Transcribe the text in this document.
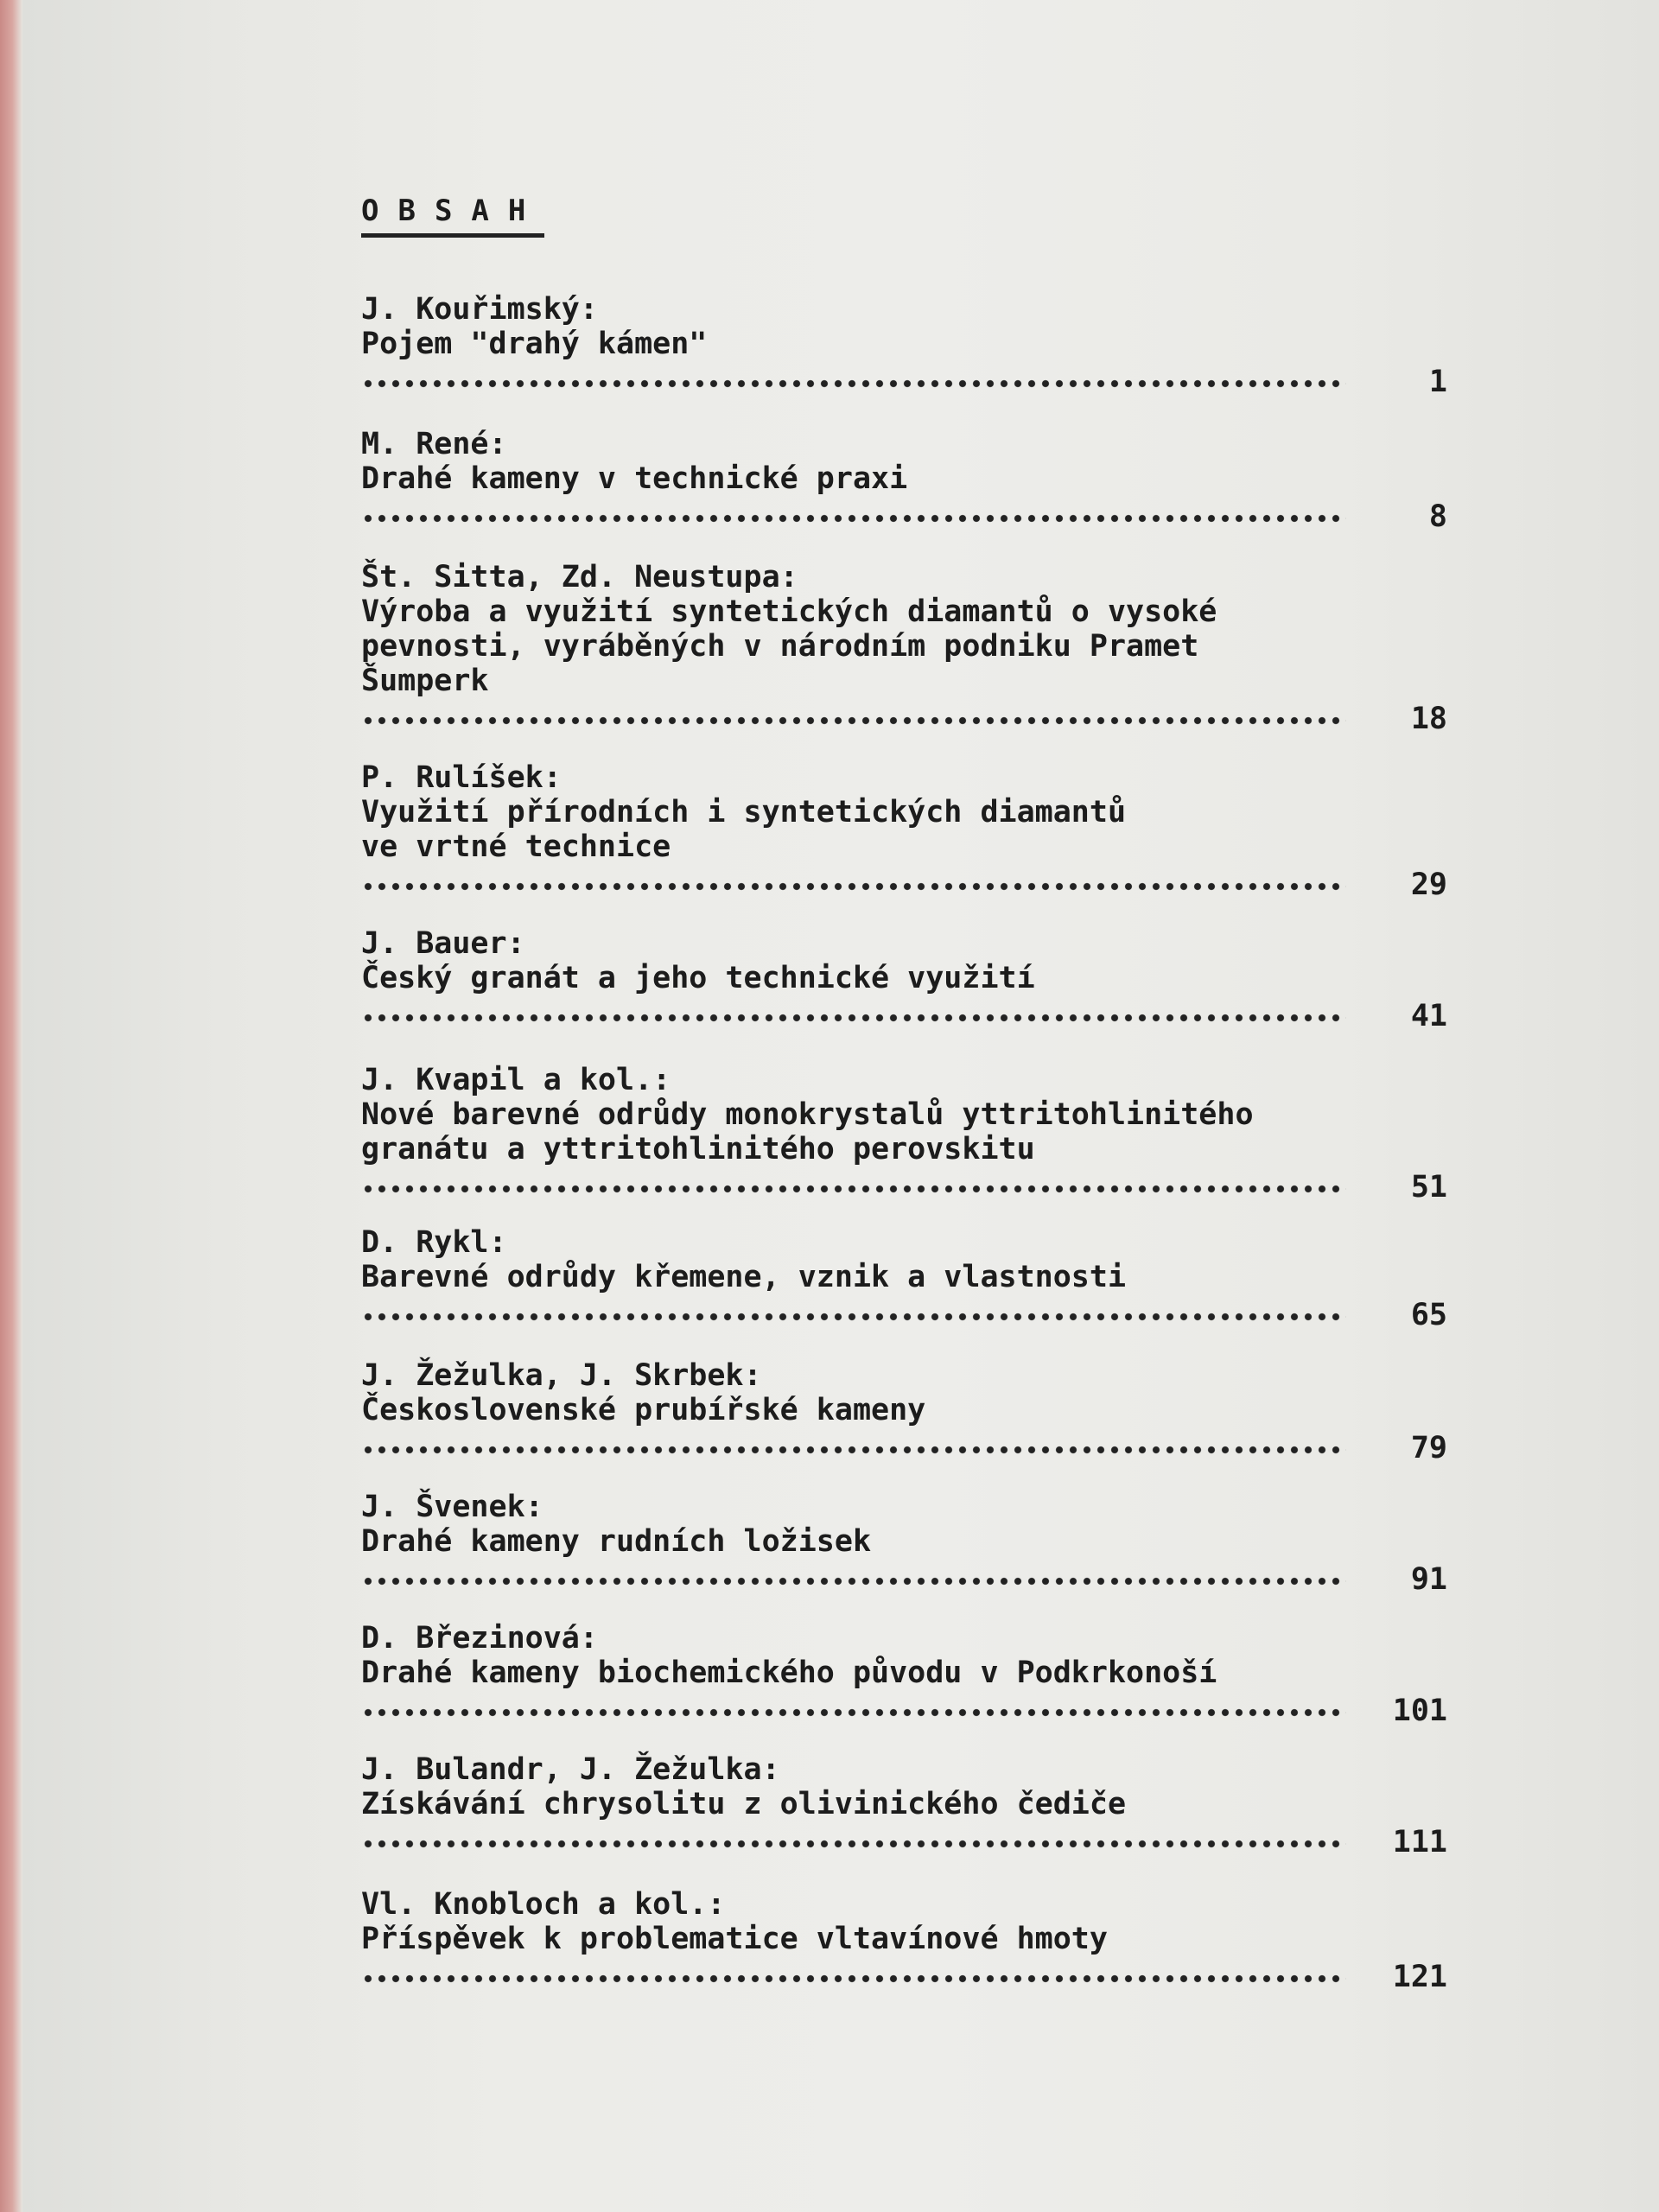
OBSAH
J. Kouřimský:
Pojem "drahý kámen"
1
M. René:
Drahé kameny v technické praxi
8
Št. Sitta, Zd. Neustupa:
Výroba a využití syntetických diamantů o vysoké
pevnosti, vyráběných v národním podniku Pramet
Šumperk
18
P. Rulíšek:
Využití přírodních i syntetických diamantů
ve vrtné technice
29
J. Bauer:
Český granát a jeho technické využití
41
J. Kvapil a kol.:
Nové barevné odrůdy monokrystalů yttritohlinitého
granátu a yttritohlinitého perovskitu
51
D. Rykl:
Barevné odrůdy křemene, vznik a vlastnosti
65
J. Žežulka, J. Skrbek:
Československé prubířské kameny
79
J. Švenek:
Drahé kameny rudních ložisek
91
D. Březinová:
Drahé kameny biochemického původu v Podkrkonoší
101
J. Bulandr, J. Žežulka:
Získávání chrysolitu z olivinického čediče
111
Vl. Knobloch a kol.:
Příspěvek k problematice vltavínové hmoty
121
